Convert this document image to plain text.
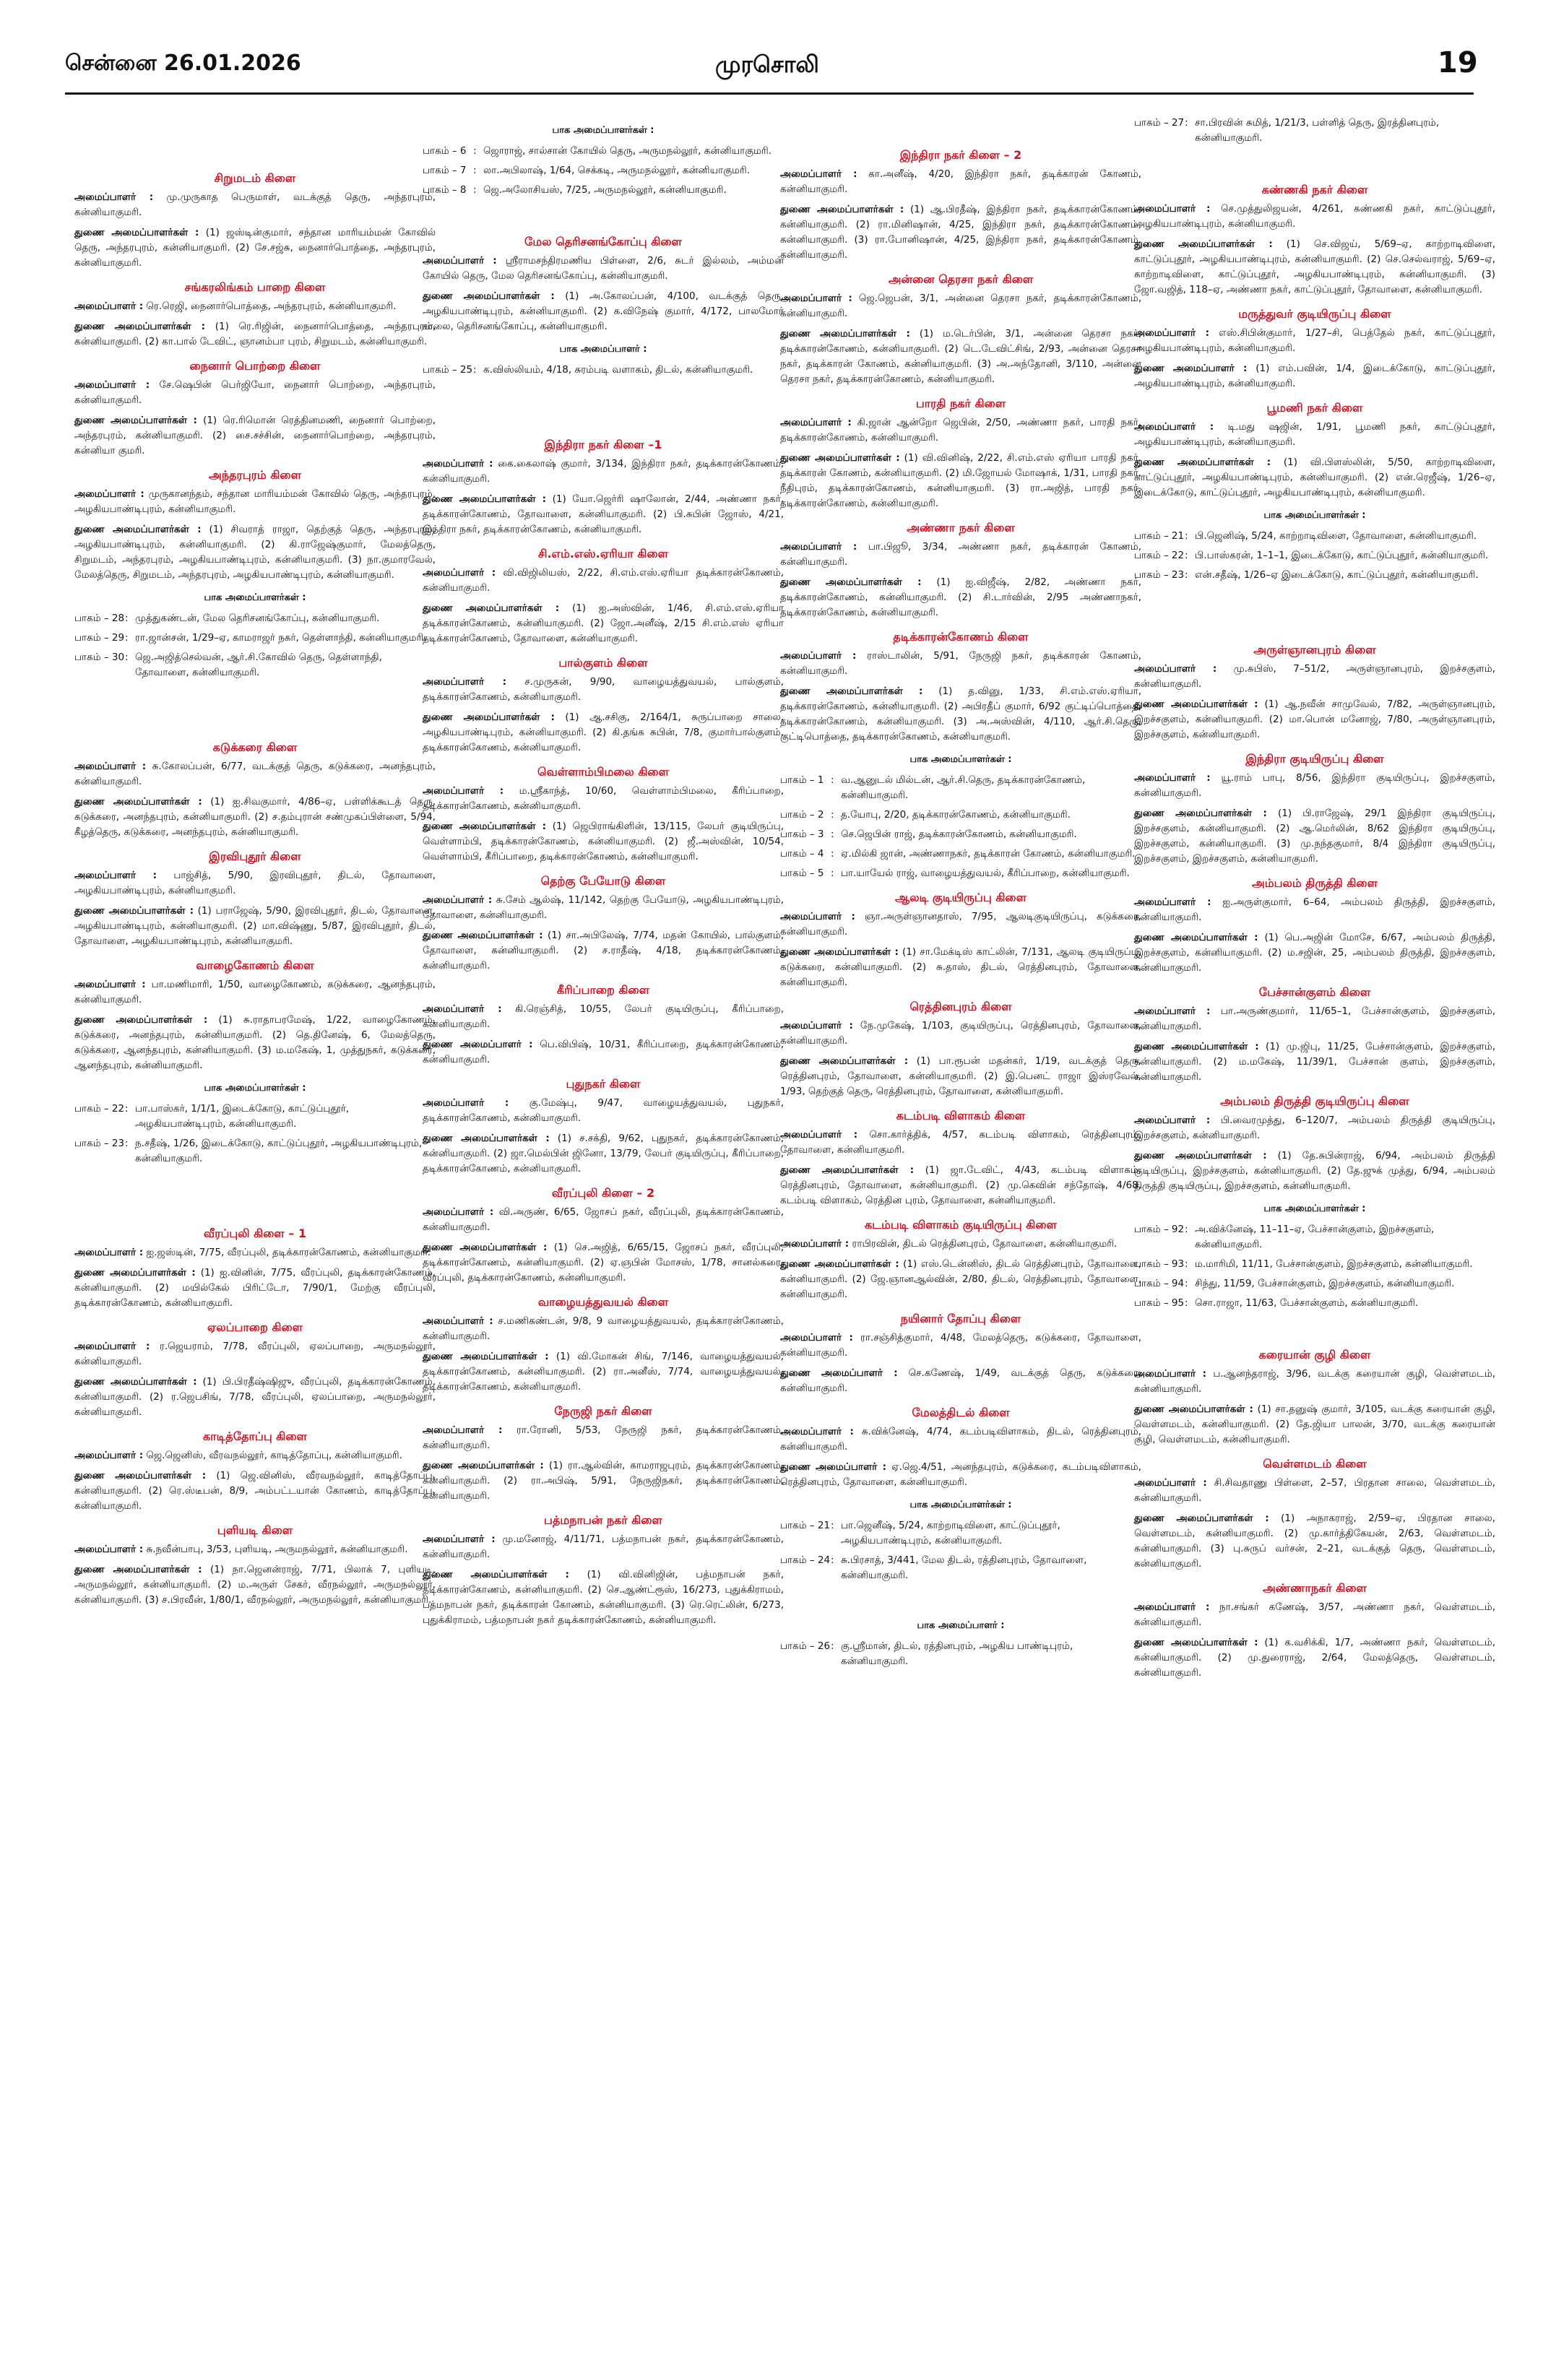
சென்னை 26.01.2026	முரசொலி	19
சிறுமடம் கிளை

அமைப்பாளர் : மு.முருகாத பெருமாள், வடக்குத் தெரு, அந்தரபுரம், கன்னியாகுமரி.

துணை அமைப்பாளர்கள் : (1) ஜஸ்டின்குமார், சந்தான மாரியம்மன் கோவில் தெரு, அந்தரபுரம், கன்னியாகுமரி. (2) சே.சஜ்சு, நைனார்பொத்தை, அந்தரபுரம், கன்னியாகுமரி.

சங்கரலிங்கம் பாறை கிளை

அமைப்பாளர் : ரெ.ரெஜி, நைனார்பொத்தை, அந்தரபுரம், கன்னியாகுமரி.

துணை அமைப்பாளர்கள் : (1) ரெ.ரிஜின், நைனார்பொத்தை, அந்தரபுரம், கன்னியாகுமரி. (2) கா.பால் டேவிட், ஞானம்பா புரம், சிறுமடம், கன்னியாகுமரி.

நைனார் பொற்றை கிளை

அமைப்பாளர் : சே.ஷெபின் பெர்ஜியோ, நைனார் பொற்றை, அந்தரபுரம், கன்னியாகுமரி.

துணை அமைப்பாளர்கள் : (1) ரெ.ரிமொன் ரெத்தினமணி, நைனார் பொற்றை, அந்தரபுரம், கன்னியாகுமரி. (2) சை.சச்சின், நைனார்பொற்றை, அந்தரபுரம், கன்னியா குமரி.

அந்தரபுரம் கிளை

அமைப்பாளர் : முருகானந்தம், சந்தான மாரியம்மன் கோவில் தெரு, அந்தரபுரம், அழகியபாண்டிபுரம், கன்னியாகுமரி.

துணை அமைப்பாளர்கள் : (1) சிவராத் ராஜா, தெற்குத் தெரு, அந்தரபுரம், அழகியபாண்டிபுரம், கன்னியாகுமரி. (2) கி.ராஜேஷ்குமார், மேலத்தெரு, சிறுமடம், அந்தரபுரம், அழகியபாண்டிபுரம், கன்னியாகுமரி. (3) நா.குமாரவேல், மேலத்தெரு, சிறுமடம், அந்தரபுரம், அழகியபாண்டிபுரம், கன்னியாகுமரி.

பாக அமைப்பாளர்கள் :
பாகம் – 28 : முத்துகண்டன், மேல தெரிசனங்கோப்பு, கன்னியாகுமரி.
பாகம் – 29 : ரா.ஜான்சன், 1/29–ஏ, காமராஜர் நகர், தெள்ளாந்தி, கன்னியாகுமரி.
பாகம் – 30 : ஜெ.அஜித்செல்வன், ஆர்.சி.கோவில் தெரு, தெள்ளாந்தி, தோவாளை, கன்னியாகுமரி.
கடுக்கரை கிளை

அமைப்பாளர் : சு.கோலப்பன், 6/77, வடக்குத் தெரு, கடுக்கரை, அனந்தபுரம், கன்னியாகுமரி.

துணை அமைப்பாளர்கள் : (1) ஐ.சிவகுமார், 4/86–ஏ, பள்ளிக்கூடத் தெரு, கடுக்கரை, அனந்தபுரம், கன்னியாகுமரி. (2) ச.தம்புரான் சண்முகப்பிள்ளை, 5/94, கீழத்தெரு, கடுக்கரை, அனந்தபுரம், கன்னியாகுமரி.

இரவிபுதூர் கிளை

அமைப்பாளர் : பாஜ்சித், 5/90, இரவிபுதூர், திடல், தோவாளை, அழகியபாண்டிபுரம், கன்னியாகுமரி.

துணை அமைப்பாளர்கள் : (1) பராஜேஷ், 5/90, இரவிபுதூர், திடல், தோவாளை, அழகியபாண்டிபுரம், கன்னியாகுமரி. (2) மா.விஷ்ணு, 5/87, இரவிபுதூர், திடல், தோவாளை, அழகியபாண்டிபுரம், கன்னியாகுமரி.

வாழைகோணம் கிளை

அமைப்பாளர் : பா.மணிமாரி, 1/50, வாழைகோணம், கடுக்கரை, ஆனந்தபுரம், கன்னியாகுமரி.

துணை அமைப்பாளர்கள் : (1) சு.ராதாபரமேஷ், 1/22, வாழைகோணம், கடுக்கரை, அனந்தபுரம், கன்னியாகுமரி. (2) தெ.தினேஷ், 6, மேலத்தெரு, கடுக்கரை, ஆனந்தபுரம், கன்னியாகுமரி. (3) ம.மகேஷ், 1, முத்துநகர், கடுக்கரை, ஆனந்தபுரம், கன்னியாகுமரி.

பாக அமைப்பாளர்கள் :
பாகம் – 22 : பா.பாஸ்கர், 1/1/1, இடைக்கோடு, காட்டுப்புதூர், அழகியபாண்டிபுரம், கன்னியாகுமரி.
பாகம் – 23 : ந.சதீஷ், 1/26, இடைக்கோடு, காட்டுப்புதூர், அழகியபாண்டிபுரம், கன்னியாகுமரி.
வீரப்புலி கிளை – 1

அமைப்பாளர் : ஐ.ஜஸ்டின், 7/75, வீரப்புலி, தடிக்காரன்கோணம், கன்னியாகுமரி.

துணை அமைப்பாளர்கள் : (1) ஐ.வினின், 7/75, வீரப்புலி, தடிக்காரன்கோணம், கன்னியாகுமரி. (2) மயில்கேல் பிரிட்டோ, 7/90/1, மேற்கு வீரப்புலி, தடிக்காரன்கோணம், கன்னியாகுமரி.

ஏலப்பாறை கிளை

அமைப்பாளர் : ர.ஜெயராம், 7/78, வீரப்புலி, ஏலப்பாறை, அருமநல்லூர், கன்னியாகுமரி.

துணை அமைப்பாளர்கள் : (1) பி.பிரதீஷ்ஷிஜு, வீரப்புலி, தடிக்காரன்கோணம், கன்னியாகுமரி. (2) ர.ஜெபசிங், 7/78, வீரப்புலி, ஏலப்பாறை, அருமநல்லூர், கன்னியாகுமரி.

காடித்தோப்பு கிளை

அமைப்பாளர் : ஜெ.ஜெனிஸ், வீரவநல்லூர், காடித்தோப்பு, கன்னியாகுமரி.

துணை அமைப்பாளர்கள் : (1) ஜெ.வினிஸ், வீரவநல்லூர், காடித்தோப்பு, கன்னியாகுமரி. (2) ரெ.ஸ்டீபன், 8/9, அம்பட்டயான் கோணம், காடித்தோப்பு, கன்னியாகுமரி.

புளியடி கிளை

அமைப்பாளர் : சு.நவீன்பாபு, 3/53, புளியடி, அருமநல்லூர், கன்னியாகுமரி.

துணை அமைப்பாளர்கள் : (1) நா.ஜெனன்ராஜ், 7/71, பிலாக் 7, புளியடி, அருமநல்லூர், கன்னியாகுமரி. (2) ம.அருள் சேகர், வீரநல்லூர், அருமநல்லூர், கன்னியாகுமரி. (3) ச.பிரவீன், 1/80/1, வீரநல்லூர், அருமநல்லூர், கன்னியாகுமரி.

பாக அமைப்பாளர்கள் :
பாகம் – 6 : ஜொராஜ், சால்சான் கோயில் தெரு, அருமநல்லூர், கன்னியாகுமரி.
பாகம் – 7 : லா.அபிலாஷ், 1/64, செக்கடி, அருமநல்லூர், கன்னியாகுமரி.
பாகம் – 8 : ஜெ.அலோசியஸ், 7/25, அருமநல்லூர், கன்னியாகுமரி.
மேல தெரிசனங்கோப்பு கிளை

அமைப்பாளர் : ஸ்ரீராமசந்திரமணிய பிள்ளை, 2/6, சுடர் இல்லம், அம்மன் கோயில் தெரு, மேல தெரிசனங்கோப்பு, கன்னியாகுமரி.

துணை அமைப்பாளர்கள் : (1) அ.கோலப்பன், 4/100, வடக்குத் தெரு, அழகியபாண்டிபுரம், கன்னியாகுமரி. (2) க.விநேஷ் குமார், 4/172, பாலமோர் சாலை, தெரிசனங்கோப்பு, கன்னியாகுமரி.

பாக அமைப்பாளர் :
பாகம் – 25 : க.விஸ்லியம், 4/18, சுரம்படி வளாகம், திடல், கன்னியாகுமரி.
இந்திரா நகர் கிளை –1

அமைப்பாளர் : கை.கைலாஷ் குமார், 3/134, இந்திரா நகர், தடிக்காரன்கோணம், கன்னியாகுமரி.

துணை அமைப்பாளர்கள் : (1) யோ.ஜெர்ரி ஷாலோன், 2/44, அண்ணா நகர், தடிக்காரன்கோணம், தோவாளை, கன்னியாகுமரி. (2) பி.சுபின் ஜோஸ், 4/21, இந்திரா நகர், தடிக்காரன்கோணம், கன்னியாகுமரி.

சி.எம்.எஸ்.ஏரியா கிளை

அமைப்பாளர் : வி.விஜிலியஸ், 2/22, சி.எம்.எஸ்.ஏரியா தடிக்காரன்கோணம், கன்னியாகுமரி.

துணை அமைப்பாளர்கள் : (1) ஐ.அஸ்வின், 1/46, சி.எம்.எஸ்.ஏரியா தடிக்காரன்கோணம், கன்னியாகுமரி. (2) ஜோ.அனீஷ், 2/15 சி.எம்.எஸ் ஏரியா தடிக்காரன்கோணம், தோவாளை, கன்னியாகுமரி.

பால்குளம் கிளை

அமைப்பாளர் : ச.முருகன், 9/90, வாழையத்துவயல், பால்குளம், தடிக்காரன்கோணம், கன்னியாகுமரி.

துணை அமைப்பாளர்கள் : (1) ஆ.சசிகு, 2/164/1, சுருப்பாறை சாலை, அழகியபாண்டிபுரம், கன்னியாகுமரி. (2) கி.தங்க சுபின், 7/8, குமார்பால்குளம், தடிக்காரன்கோணம், கன்னியாகுமரி.

வெள்ளாம்பிமலை கிளை

அமைப்பாளர் : ம.ஸ்ரீகாந்த், 10/60, வெள்ளாம்பிமலை, கீரிப்பாறை, தடிக்காரன்கோணம், கன்னியாகுமரி.

துணை அமைப்பாளர்கள் : (1) ஜெபிராங்கிளின், 13/115, லேபர் குடியிருப்பு, வெள்ளாம்பி, தடிக்காரன்கோணம், கன்னியாகுமரி. (2) ஜீ.அஸ்வின், 10/54, வெள்ளாம்பி, கீரிப்பாறை, தடிக்காரன்கோணம், கன்னியாகுமரி.

தெற்கு பேயோடு கிளை

அமைப்பாளர் : சு.சேம் ஆல்ஷ், 11/142, தெற்கு பேயோடு, அழகியபாண்டிபுரம், தோவாளை, கன்னியாகுமரி.

துணை அமைப்பாளர்கள் : (1) சா.அபிலேஷ், 7/74, மதன் கோயில், பால்குளம், தோவாளை, கன்னியாகுமரி. (2) ச.ராதீஷ், 4/18, தடிக்காரன்கோணம், கன்னியாகுமரி.

கீரிப்பாறை கிளை

அமைப்பாளர் : கி.ரெஞ்சித், 10/55, லேபர் குடியிருப்பு, கீரிப்பாறை, கன்னியாகுமரி.

துணை அமைப்பாளர் : பெ.விபிஷ், 10/31, கீரிப்பாறை, தடிக்காரன்கோணம், கன்னியாகுமரி.

புதுநகர் கிளை

அமைப்பாளர் : கு.மேஷ்பு, 9/47, வாழையத்துவயல், புதுநகர், தடிக்காரன்கோணம், கன்னியாகுமரி.

துணை அமைப்பாளர்கள் : (1) ச.சக்தி, 9/62, புதுநகர், தடிக்காரன்கோணம், கன்னியாகுமரி. (2) ஜா.மெல்பின் ஜினோ, 13/79, லேபர் குடியிருப்பு, கீரிப்பாறை, தடிக்காரன்கோணம், கன்னியாகுமரி.

வீரப்புலி கிளை – 2

அமைப்பாளர் : வி.அருண், 6/65, ஜோசப் நகர், வீரப்புலி, தடிக்காரன்கோணம், கன்னியாகுமரி.

துணை அமைப்பாளர்கள் : (1) செ.அஜித், 6/65/15, ஜோசப் நகர், வீரப்புலி, தடிக்காரன்கோணம், கன்னியாகுமரி. (2) ஏ.ஞபின் மோசஸ், 1/78, சானல்கரை, வீரப்புலி, தடிக்காரன்கோணம், கன்னியாகுமரி.

வாழையத்துவயல் கிளை

அமைப்பாளர் : ச.மணிகண்டன், 9/8, 9 வாழையத்துவயல், தடிக்காரன்கோணம், கன்னியாகுமரி.

துணை அமைப்பாளர்கள் : (1) வி.மோகன் சிங், 7/146, வாழையத்துவயல், தடிக்காரன்கோணம், கன்னியாகுமரி. (2) ரா.அனீஸ், 7/74, வாழையத்துவயல், தடிக்காரன்கோணம், கன்னியாகுமரி.

நேருஜி நகர் கிளை

அமைப்பாளர் : ரா.ரோனி, 5/53, நேருஜி நகர், தடிக்காரன்கோணம், கன்னியாகுமரி.

துணை அமைப்பாளர்கள் : (1) ரா.ஆல்வின், காமராஜபுரம், தடிக்காரன்கோணம், கன்னியாகுமரி. (2) ரா.அபிஷ், 5/91, நேருஜிநகர், தடிக்காரன்கோணம், கன்னியாகுமரி.

பத்மநாபன் நகர் கிளை

அமைப்பாளர் : மு.மனோஜ், 4/11/71, பத்மநாபன் நகர், தடிக்காரன்கோணம், கன்னியாகுமரி.

துணை அமைப்பாளர்கள் : (1) வி.வினிஜின், பத்மநாபன் நகர், தடிக்காரன்கோணம், கன்னியாகுமரி. (2) செ.ஆண்ட்ரூஸ், 16/273, புதுக்கிராமம், பத்மநாபன் நகர், தடிக்காரன் கோணம், கன்னியாகுமரி. (3) ரெ.ரெட்லின், 6/273, புதுக்கிராமம், பத்மநாபன் நகர் தடிக்காரன்கோணம், கன்னியாகுமரி.

இந்திரா நகர் கிளை – 2

அமைப்பாளர் : கா.அனீஷ், 4/20, இந்திரா நகர், தடிக்காரன் கோணம், கன்னியாகுமரி.

துணை அமைப்பாளர்கள் : (1) ஆ.பிரதீஷ், இந்திரா நகர், தடிக்காரன்கோணம், கன்னியாகுமரி. (2) ரா.மினிஷான், 4/25, இந்திரா நகர், தடிக்காரன்கோணம், கன்னியாகுமரி. (3) ரா.போனிஷான், 4/25, இந்திரா நகர், தடிக்காரன்கோணம், கன்னியாகுமரி.

அன்னை தெரசா நகர் கிளை

அமைப்பாளர் : ஜெ.ஜெபன், 3/1, அன்னை தெரசா நகர், தடிக்காரன்கோணம், கன்னியாகுமரி.

துணை அமைப்பாளர்கள் : (1) ம.டெர்பின், 3/1, அன்னை தெரசா நகர், தடிக்காரன்கோணம், கன்னியாகுமரி. (2) டெ.டேவிட்சிங், 2/93, அன்னை தெரசா நகர், தடிக்காரன் கோணம், கன்னியாகுமரி. (3) அ.அந்தோனி, 3/110, அன்னை தெரசா நகர், தடிக்காரன்கோணம், கன்னியாகுமரி.

பாரதி நகர் கிளை

அமைப்பாளர் : கி.ஜான் ஆன்றோ ஜெபின், 2/50, அண்ணா நகர், பாரதி நகர், தடிக்காரன்கோணம், கன்னியாகுமரி.

துணை அமைப்பாளர்கள் : (1) வி.வினிஷ், 2/22, சி.எம்.எஸ் ஏரியா பாரதி நகர், தடிக்காரன் கோணம், கன்னியாகுமரி. (2) மி.ஜோயல் மோஷாக், 1/31, பாரதி நகர், நீதிபுரம், தடிக்காரன்கோணம், கன்னியாகுமரி. (3) ரா.அஜித், பாரதி நகர், தடிக்காரன்கோணம், கன்னியாகுமரி.

அண்ணா நகர் கிளை

அமைப்பாளர் : பா.பிஜூ, 3/34, அண்ணா நகர், தடிக்காரன் கோணம், கன்னியாகுமரி.

துணை அமைப்பாளர்கள் : (1) ஐ.விஜீஷ், 2/82, அண்ணா நகர், தடிக்காரன்கோணம், கன்னியாகுமரி. (2) சி.டார்வின், 2/95 அண்ணாநகர், தடிக்காரன்கோணம், கன்னியாகுமரி.

தடிக்காரன்கோணம் கிளை

அமைப்பாளர் : ராஸ்டாலின், 5/91, நேருஜி நகர், தடிக்காரன் கோணம், கன்னியாகுமரி.

துணை அமைப்பாளர்கள் : (1) த.வினு, 1/33, சி.எம்.எஸ்.ஏரியா, தடிக்காரன்கோணம், கன்னியாகுமரி. (2) அபிரதீப் குமார், 6/92 குட்டிப்பொத்தை, தடிக்காரன்கோணம், கன்னியாகுமரி. (3) அ.அஸ்வின், 4/110, ஆர்.சி.தெரு, குட்டிபொத்தை, தடிக்காரன்கோணம், கன்னியாகுமரி.

பாக அமைப்பாளர்கள் :
பாகம் – 1 : வ.ஆனுடல் மில்டன், ஆர்.சி.தெரு, தடிக்காரன்கோணம், கன்னியாகுமரி.
பாகம் – 2 : த.யோபு, 2/20, தடிக்காரன்கோணம், கன்னியாகுமரி.
பாகம் – 3 : செ.ஜெபின் ராஜ், தடிக்காரன்கோணம், கன்னியாகுமரி.
பாகம் – 4 : ஏ.மில்கி ஜான், அண்ணாநகர், தடிக்காரன் கோணம், கன்னியாகுமரி.
பாகம் – 5 : பா.யாயேல் ராஜ், வாழையத்துவயல், கீரிப்பாறை, கன்னியாகுமரி.
ஆலடி குடியிருப்பு கிளை

அமைப்பாளர் : ஞா.அருள்ஞானதாஸ், 7/95, ஆலடிகுடியிருப்பு, கடுக்கரை, கன்னியாகுமரி.

துணை அமைப்பாளர்கள் : (1) சா.மேக்டிஸ் காட்லின், 7/131, ஆலடி குடியிருப்பு, கடுக்கரை, கன்னியாகுமரி. (2) சு.தாஸ், திடல், ரெத்தினபுரம், தோவாளை, கன்னியாகுமரி.

ரெத்தினபுரம் கிளை

அமைப்பாளர் : நே.முகேஷ், 1/103, குடியிருப்பு, ரெத்தினபுரம், தோவாளை, கன்னியாகுமரி.

துணை அமைப்பாளர்கள் : (1) பா.ரூபன் மதன்கர், 1/19, வடக்குத் தெரு, ரெத்தினபுரம், தோவாளை, கன்னியாகுமரி. (2) இ.பெனட் ராஜா இஸ்ரவேல், 1/93, தெற்குத் தெரு, ரெத்தினபுரம், தோவாளை, கன்னியாகுமரி.

கடம்படி விளாகம் கிளை

அமைப்பாளர் : சொ.கார்த்திக், 4/57, கடம்படி விளாகம், ரெத்தினபுரம், தோவாளை, கன்னியாகுமரி.

துணை அமைப்பாளர்கள் : (1) ஜா.டேவிட், 4/43, கடம்படி விளாகம், ரெத்தினபுரம், தோவாளை, கன்னியாகுமரி. (2) மு.கெவின் சந்தோஷ், 4/68, கடம்படி விளாகம், ரெத்தின புரம், தோவாளை, கன்னியாகுமரி.

கடம்படி விளாகம் குடியிருப்பு கிளை

அமைப்பாளர் : ராபிரவின், திடல் ரெத்தினபுரம், தோவாளை, கன்னியாகுமரி.

துணை அமைப்பாளர்கள் : (1) எஸ்.டென்னிஸ், திடல் ரெத்தினபுரம், தோவாளை, கன்னியாகுமரி. (2) ஜே.ஞானஆல்வின், 2/80, திடல், ரெத்தினபுரம், தோவாளை, கன்னியாகுமரி.

நயினார் தோப்பு கிளை

அமைப்பாளர் : ரா.சஞ்சித்குமார், 4/48, மேலத்தெரு, கடுக்கரை, தோவாளை, கன்னியாகுமரி.

துணை அமைப்பாளர் : செ.கணேஷ், 1/49, வடக்குத் தெரு, கடுக்கரை, கன்னியாகுமரி.

மேலத்திடல் கிளை

அமைப்பாளர் : சு.விக்னேஷ், 4/74, கடம்படிவிளாகம், திடல், ரெத்தினபுரம், கன்னியாகுமரி.

துணை அமைப்பாளர் : ஏ.ஜெ.4/51, அனந்தபுரம், கடுக்கரை, கடம்படிவிளாகம், ரெத்தினபுரம், தோவாளை, கன்னியாகுமரி.

பாக அமைப்பாளர்கள் :
பாகம் – 21 : பா.ஜெனீஷ், 5/24, காற்றாடிவிளை, காட்டுப்புதூர், அழகியபாண்டிபுரம், கன்னியாகுமரி.
பாகம் – 24 : சு.பிரசாத், 3/441, மேல திடல், ரத்தினபுரம், தோவாளை, கன்னியாகுமரி.
பாக அமைப்பாளர் :
பாகம் – 26 : கு.ஸ்ரீமான், திடல், ரத்தினபுரம், அழகிய பாண்டிபுரம், கன்னியாகுமரி.
பாகம் – 27 : சா.பிரவின் சுமித், 1/21/3, பள்ளித் தெரு, இரத்தினபுரம், கன்னியாகுமரி.
கண்ணகி நகர் கிளை

அமைப்பாளர் : செ.முத்துலிஜயன், 4/261, கண்ணகி நகர், காட்டுப்புதூர், அழகியபாண்டிபுரம், கன்னியாகுமரி.

துணை அமைப்பாளர்கள் : (1) செ.விஜய், 5/69–ஏ, காற்றாடிவிளை, காட்டுப்புதூர், அழகியபாண்டிபுரம், கன்னியாகுமரி. (2) செ.செல்வராஜ், 5/69–ஏ, காற்றாடிவிளை, காட்டுப்புதூர், அழகியபாண்டிபுரம், கன்னியாகுமரி. (3) ஜோ.வஜித், 118–ஏ, அண்ணா நகர், காட்டுப்புதூர், தோவாளை, கன்னியாகுமரி.

மருத்துவர் குடியிருப்பு கிளை

அமைப்பாளர் : எஸ்.சிபின்குமார், 1/27–சி, பெத்தேல் நகர், காட்டுப்புதூர், அழகியபாண்டிபுரம், கன்னியாகுமரி.

துணை அமைப்பாளர் : (1) எம்.பவின், 1/4, இடைக்கோடு, காட்டுப்புதூர், அழகியபாண்டிபுரம், கன்னியாகுமரி.

பூமணி நகர் கிளை

அமைப்பாளர் : டி.மது ஷஜின், 1/91, பூமணி நகர், காட்டுப்புதூர், அழகியபாண்டிபுரம், கன்னியாகுமரி.

துணை அமைப்பாளர்கள் : (1) வி.பிளஸ்லின், 5/50, காற்றாடிவிளை, காட்டுப்புதூர், அழகியபாண்டிபுரம், கன்னியாகுமரி. (2) என்.ரெஜீஷ், 1/26–ஏ, இடைக்கோடு, காட்டுப்புதூர், அழகியபாண்டிபுரம், கன்னியாகுமரி.

பாக அமைப்பாளர்கள் :
பாகம் – 21 : பி.ஜெனிஷ், 5/24, காற்றாடிவிளை, தோவாளை, கன்னியாகுமரி.
பாகம் – 22 : பி.பாஸ்கரன், 1–1–1, இடைக்கோடு, காட்டுப்புதூர், கன்னியாகுமரி.
பாகம் – 23 : என்.சதீஷ், 1/26–ஏ இடைக்கோடு, காட்டுப்புதூர், கன்னியாகுமரி.
அருள்ஞானபுரம் கிளை

அமைப்பாளர் : மு.சுபிஸ், 7–51/2, அருள்ஞானபுரம், இறச்சகுளம், கன்னியாகுமரி.

துணை அமைப்பாளர்கள் : (1) ஆ.நவீன் சாமுவேல், 7/82, அருள்ஞானபுரம், இறச்சகுளம், கன்னியாகுமரி. (2) மா.பொன் மனோஜ், 7/80, அருள்ஞானபுரம், இறச்சகுளம், கன்னியாகுமரி.

இந்திரா குடியிருப்பு கிளை

அமைப்பாளர் : யூ.ராம் பாபு, 8/56, இந்திரா குடியிருப்பு, இறச்சகுளம், கன்னியாகுமரி.

துணை அமைப்பாளர்கள் : (1) பி.ராஜேஷ், 29/1 இந்திரா குடியிருப்பு, இறச்சகுளம், கன்னியாகுமரி. (2) ஆ.மெர்லின், 8/62 இந்திரா குடியிருப்பு, இறச்சகுளம், கன்னியாகுமரி. (3) மு.நந்தகுமார், 8/4 இந்திரா குடியிருப்பு, இறச்சகுளம், இறச்சகுளம், கன்னியாகுமரி.

அம்பலம் திருத்தி கிளை

அமைப்பாளர் : ஐ.அருள்குமார், 6–64, அம்பலம் திருத்தி, இறச்சகுளம், கன்னியாகுமரி.

துணை அமைப்பாளர்கள் : (1) பெ.அஜின் மோசே, 6/67, அம்பலம் திருத்தி, இறச்சகுளம், கன்னியாகுமரி. (2) ம.சஜின், 25, அம்பலம் திருத்தி, இறச்சகுளம், கன்னியாகுமரி.

பேச்சான்குளம் கிளை

அமைப்பாளர் : பா.அருண்குமார், 11/65–1, பேச்சான்குளம், இறச்சகுளம், கன்னியாகுமரி.

துணை அமைப்பாளர்கள் : (1) மு.ஜிபு, 11/25, பேச்சான்குளம், இறச்சகுளம், கன்னியாகுமரி. (2) ம.மகேஷ், 11/39/1, பேச்சான் குளம், இறச்சகுளம், கன்னியாகுமரி.

அம்பலம் திருத்தி குடியிருப்பு கிளை

அமைப்பாளர் : பி.வைரமுத்து, 6–120/7, அம்பலம் திருத்தி குடியிருப்பு, இறச்சகுளம், கன்னியாகுமரி.

துணை அமைப்பாளர்கள் : (1) தே.சுபின்ராஜ், 6/94, அம்பலம் திருத்தி குடியிருப்பு, இறச்சகுளம், கன்னியாகுமரி. (2) தே.ஜுக் முத்து, 6/94, அம்பலம் திருத்தி குடியிருப்பு, இறச்சகுளம், கன்னியாகுமரி.

பாக அமைப்பாளர்கள் :
பாகம் – 92 : அ.விக்னேஷ், 11–11–ஏ, பேச்சான்குளம், இறச்சகுளம், கன்னியாகுமரி.
பாகம் – 93 : ம.மாரிமி, 11/11, பேச்சான்குளம், இறச்சகுளம், கன்னியாகுமரி.
பாகம் – 94 : சிந்து, 11/59, பேச்சான்குளம், இறச்சகுளம், கன்னியாகுமரி.
பாகம் – 95 : சொ.ராஜா, 11/63, பேச்சான்குளம், கன்னியாகுமரி.
கரையான் குழி கிளை

அமைப்பாளர் : ப.ஆனந்தராஜ், 3/96, வடக்கு கரையான் குழி, வெள்ளமடம், கன்னியாகுமரி.

துணை அமைப்பாளர்கள் : (1) சா.தனுஷ் குமார், 3/105, வடக்கு கரையான் குழி, வெள்ளமடம், கன்னியாகுமரி. (2) தே.ஜியா பாலன், 3/70, வடக்கு கரையான் குழி, வெள்ளமடம், கன்னியாகுமரி.

வெள்ளமடம் கிளை

அமைப்பாளர் : சி.சிவதாணு பிள்ளை, 2–57, பிரதான சாலை, வெள்ளமடம், கன்னியாகுமரி.

துணை அமைப்பாளர்கள் : (1) அநாகராஜ், 2/59–ஏ, பிரதான சாலை, வெள்ளமடம், கன்னியாகுமரி. (2) மு.கார்த்திகேயன், 2/63, வெள்ளமடம், கன்னியாகுமரி. (3) பு.சுருப் வர்சன், 2–21, வடக்குத் தெரு, வெள்ளமடம், கன்னியாகுமரி.

அண்ணாநகர் கிளை

அமைப்பாளர் : நா.சங்கர் கணேஷ், 3/57, அண்ணா நகர், வெள்ளமடம், கன்னியாகுமரி.

துணை அமைப்பாளர்கள் : (1) க.வசிக்கி, 1/7, அண்ணா நகர், வெள்ளமடம், கன்னியாகுமரி. (2) மு.துரைராஜ், 2/64, மேலத்தெரு, வெள்ளமடம், கன்னியாகுமரி.
